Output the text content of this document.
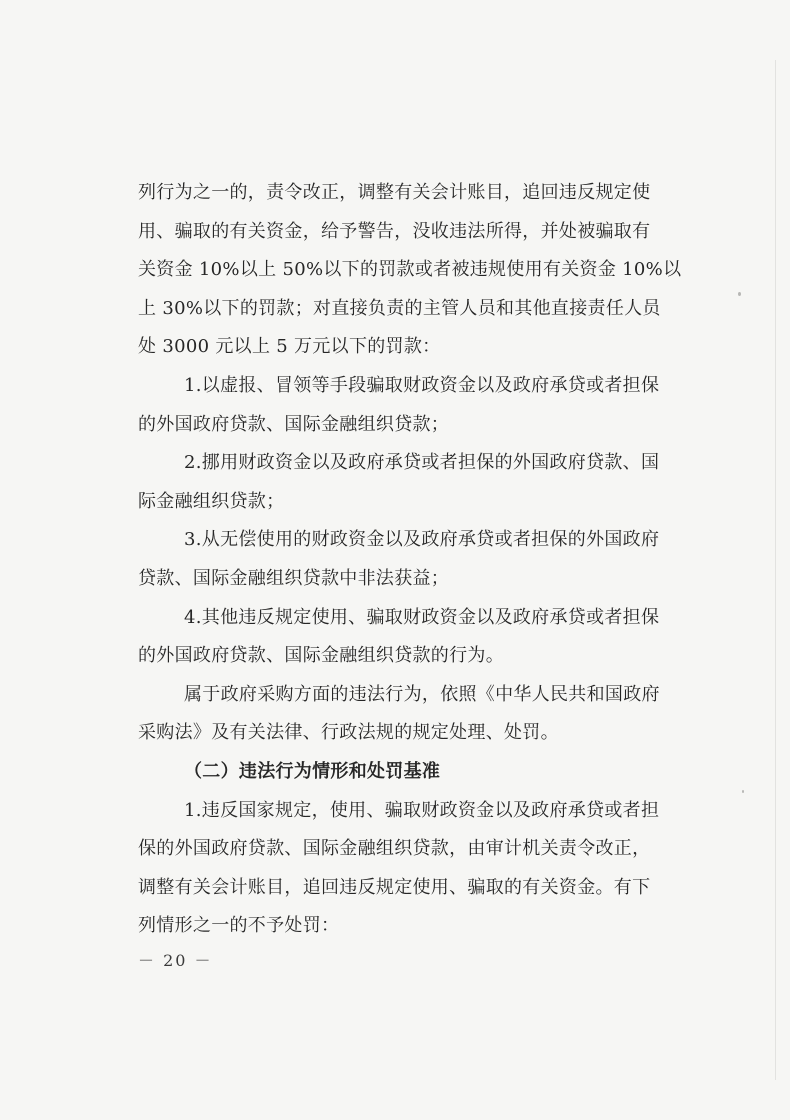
列行为之一的，责令改正，调整有关会计账目，追回违反规定使
用、骗取的有关资金，给予警告，没收违法所得，并处被骗取有
关资金 10%以上 50%以下的罚款或者被违规使用有关资金 10%以
上 30%以下的罚款；对直接负责的主管人员和其他直接责任人员
处 3000 元以上 5 万元以下的罚款：
1.以虚报、冒领等手段骗取财政资金以及政府承贷或者担保
的外国政府贷款、国际金融组织贷款；
2.挪用财政资金以及政府承贷或者担保的外国政府贷款、国
际金融组织贷款；
3.从无偿使用的财政资金以及政府承贷或者担保的外国政府
贷款、国际金融组织贷款中非法获益；
4.其他违反规定使用、骗取财政资金以及政府承贷或者担保
的外国政府贷款、国际金融组织贷款的行为。
属于政府采购方面的违法行为，依照《中华人民共和国政府
采购法》及有关法律、行政法规的规定处理、处罚。
（二）违法行为情形和处罚基准
1.违反国家规定，使用、骗取财政资金以及政府承贷或者担
保的外国政府贷款、国际金融组织贷款，由审计机关责令改正，
调整有关会计账目，追回违反规定使用、骗取的有关资金。有下
列情形之一的不予处罚：
－ 20 －
